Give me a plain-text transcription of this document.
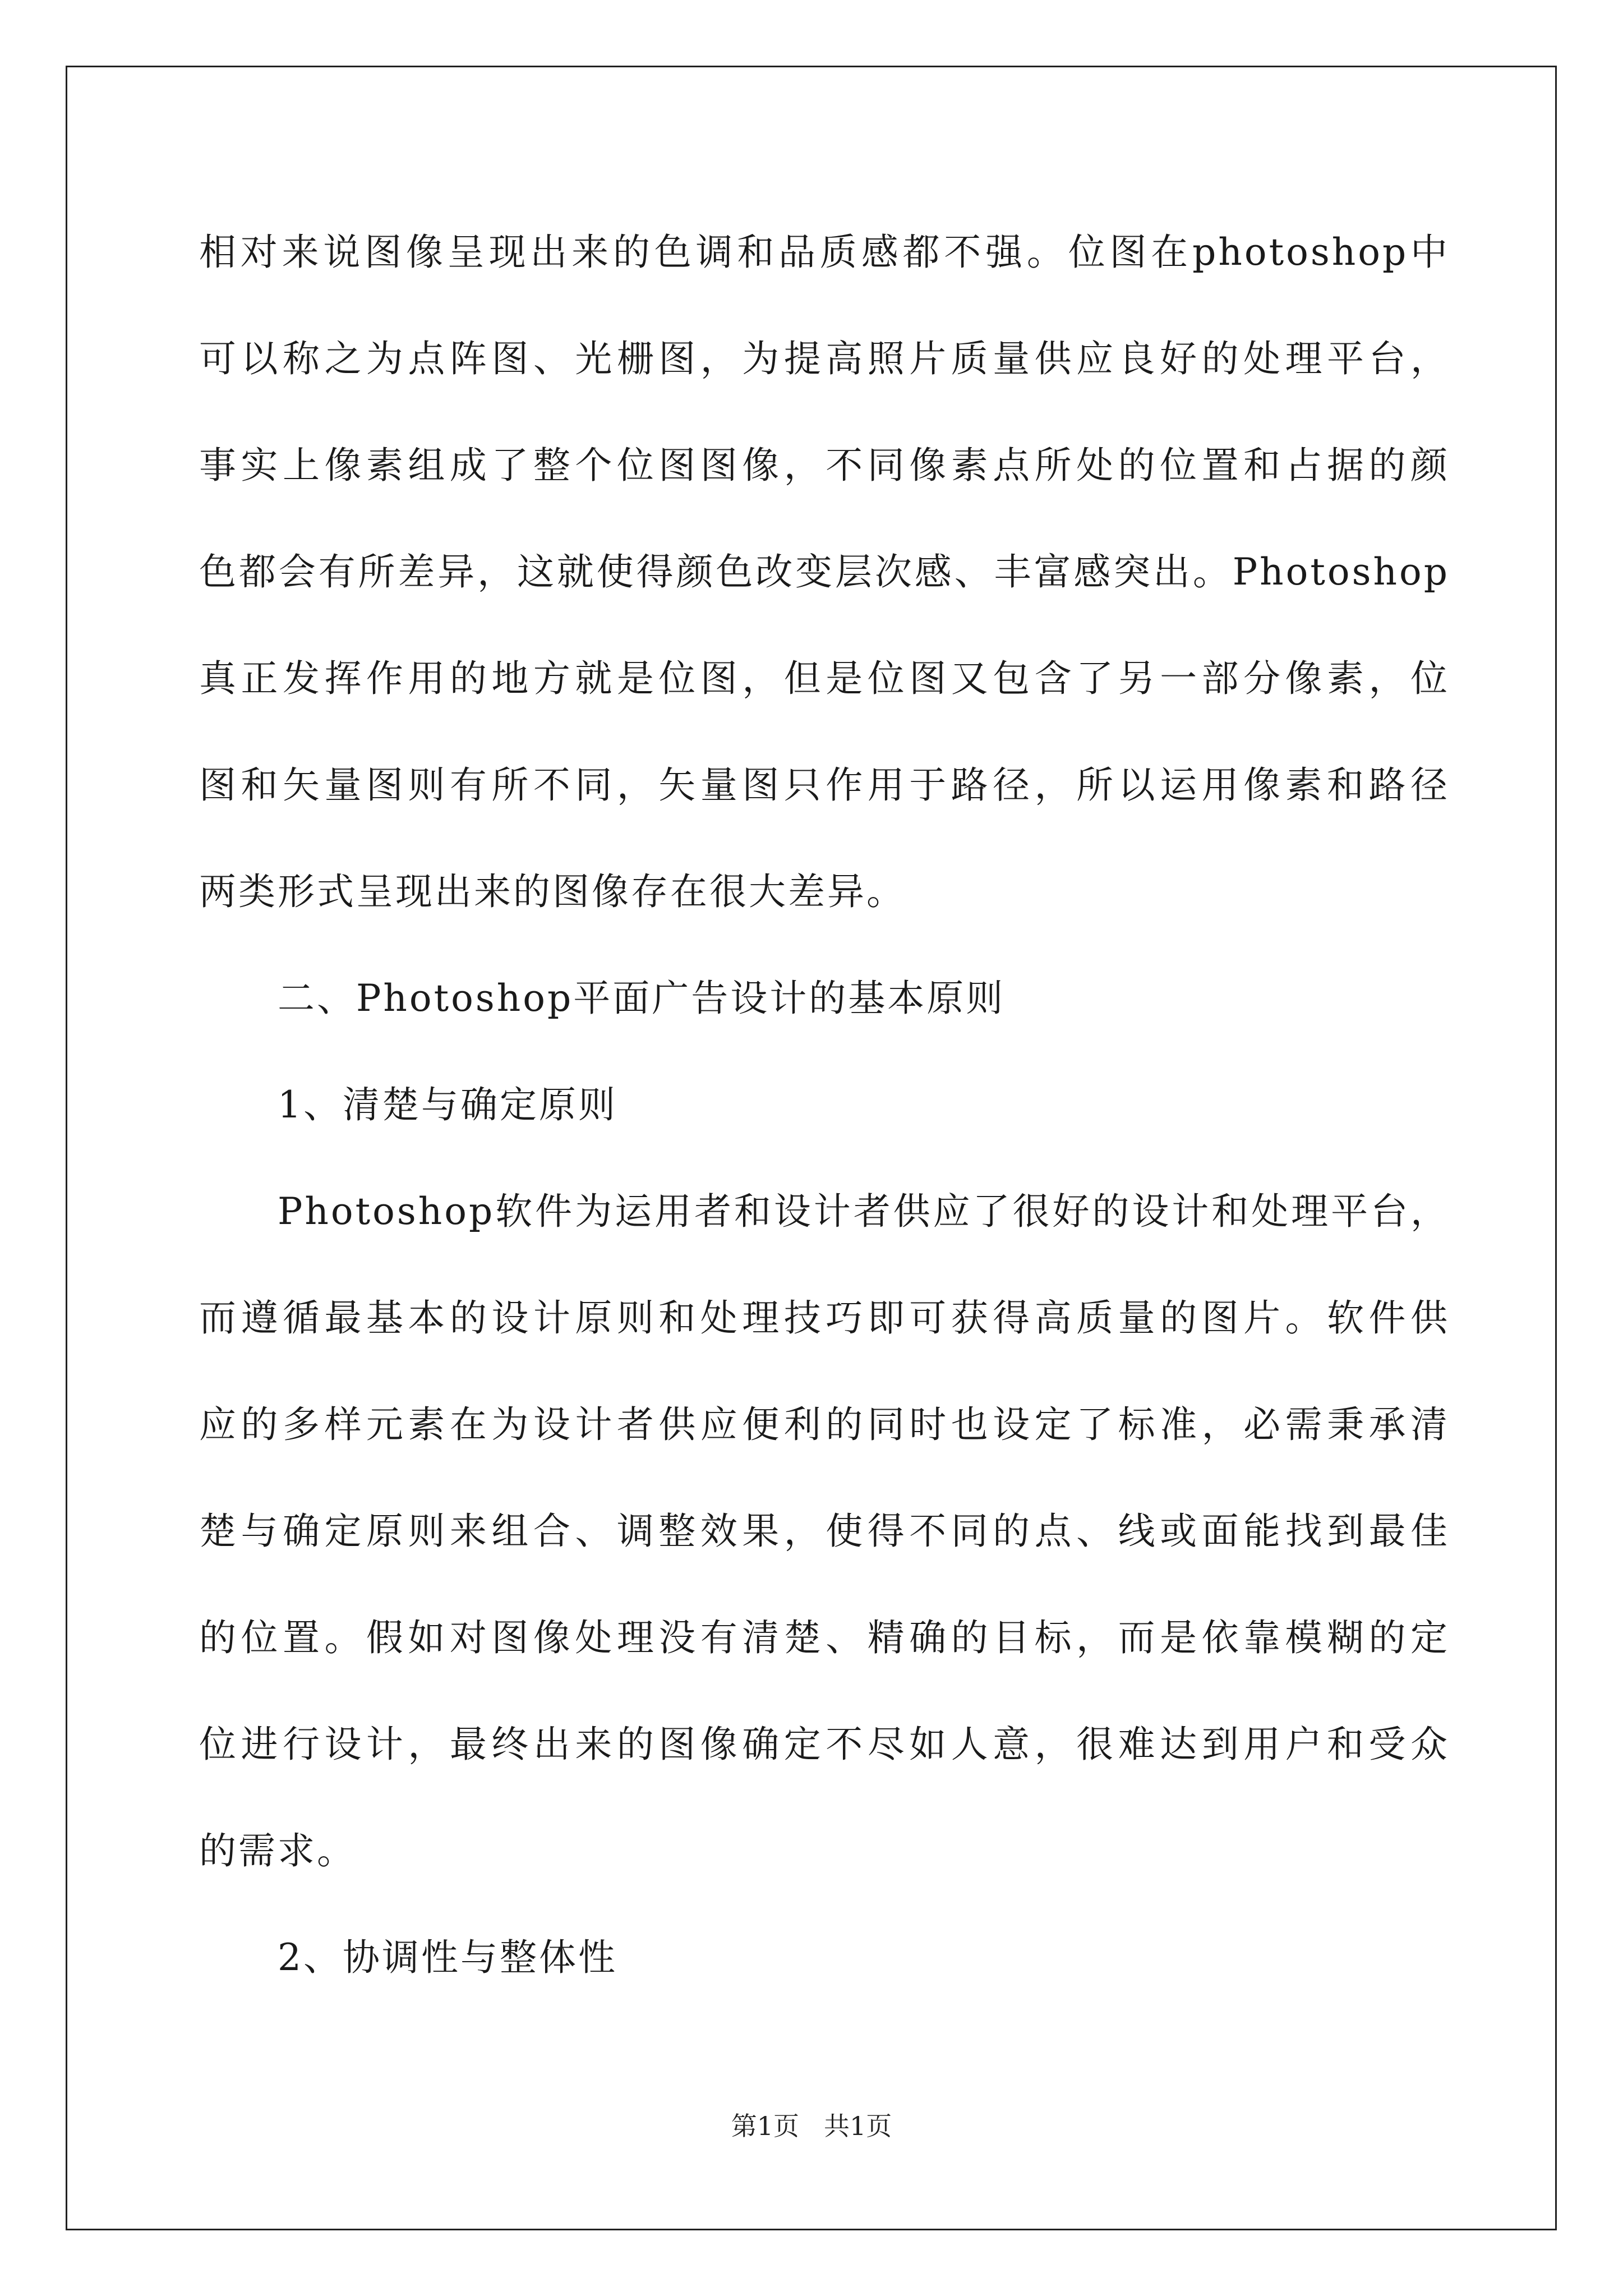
相对来说图像呈现出来的色调和品质感都不强。位图在photoshop中
可以称之为点阵图、光栅图，为提高照片质量供应良好的处理平台，
事实上像素组成了整个位图图像，不同像素点所处的位置和占据的颜
色都会有所差异，这就使得颜色改变层次感、丰富感突出。Photoshop
真正发挥作用的地方就是位图，但是位图又包含了另一部分像素，位
图和矢量图则有所不同，矢量图只作用于路径，所以运用像素和路径
两类形式呈现出来的图像存在很大差异。
二、Photoshop平面广告设计的基本原则
1、清楚与确定原则
Photoshop软件为运用者和设计者供应了很好的设计和处理平台，
而遵循最基本的设计原则和处理技巧即可获得高质量的图片。软件供
应的多样元素在为设计者供应便利的同时也设定了标准，必需秉承清
楚与确定原则来组合、调整效果，使得不同的点、线或面能找到最佳
的位置。假如对图像处理没有清楚、精确的目标，而是依靠模糊的定
位进行设计，最终出来的图像确定不尽如人意，很难达到用户和受众
的需求。
2、协调性与整体性
第1页 共1页
